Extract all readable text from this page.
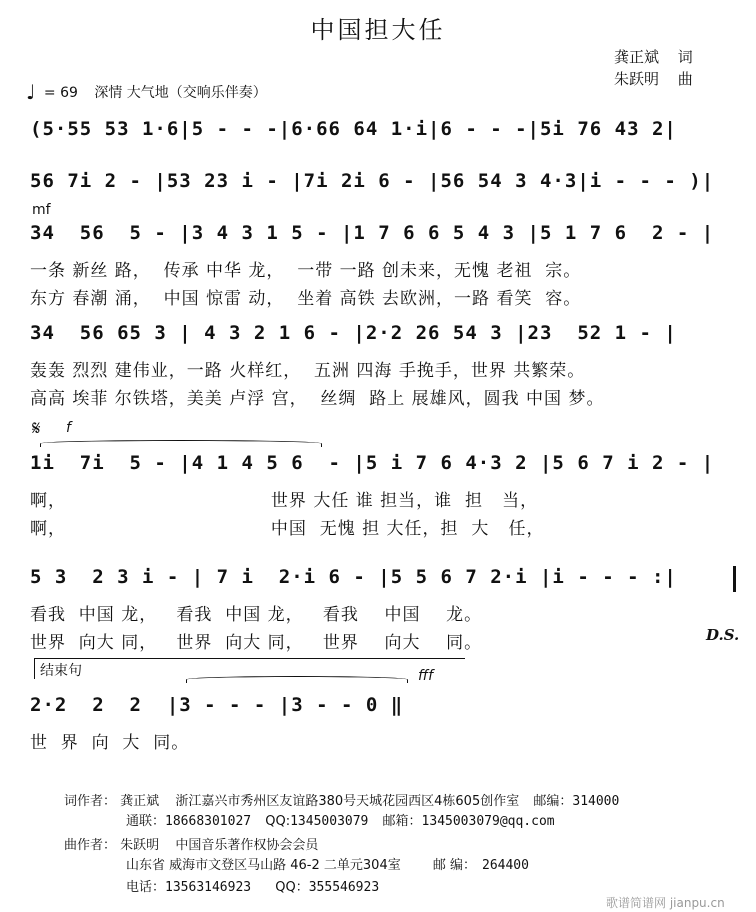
中国担大任
龚正斌 词
朱跃明 曲
♩ = 69 深情 大气地（交响乐伴奏）
(5·55 53 1·6|5 - - -|6·66 64 1·i|6 - - -|5i 76 43 2|
56 7i 2 - |53 23 i - |7i 2i 6 - |56 54 3 4·3|i - - - )|
mf
34  56  5 - |3 4 3 1 5 - |1 7 6 6 5 4 3 |5 1 7 6  2 - |
一条 新丝 路，  传承 中华 龙，  一带 一路 创未来，无愧 老祖  宗。
东方 春潮 涌，  中国 惊雷 动，  坐着 高铁 去欧洲，一路 看笑  容。
34  56 65 3 | 4 3 2 1 6 - |2·2 26 54 3 |23  52 1 - |
轰轰 烈烈 建伟业，一路 火样红，  五洲 四海 手挽手，世界 共繁荣。
高高 埃菲 尔铁塔，美美 卢浮 宫，  丝绸  路上 展雄风，圆我 中国 梦。
𝄋 f
1i  7i  5 - |4 1 4 5 6  - |5 i 7 6 4·3 2 |5 6 7 i 2 - |
啊，                                世界 大任 谁 担当，谁  担   当，
啊，                                中国  无愧 担 大任，担  大   任，
5 3  2 3 i - | 7 i  2·i 6 - |5 5 6 7 2·i |i - - - :|
看我  中国 龙，   看我  中国 龙，   看我    中国    龙。
世界  向大 同，   世界  向大 同，   世界    向大    同。	D.S.
结束句	fff
2·2  2  2  |3 - - - |3 - - 0 ‖
世  界  向  大  同。
词作者： 龚正斌 浙江嘉兴市秀州区友谊路380号天城花园西区4栋605创作室 邮编：314000
通联：18668301027 QQ:1345003079 邮箱：1345003079@qq.com
曲作者： 朱跃明 中国音乐著作权协会会员
山东省 威海市文登区马山路 46-2 二单元304室 邮 编： 264400
电话：13563146923 QQ：355546923
歌谱简谱网 jianpu.cn
